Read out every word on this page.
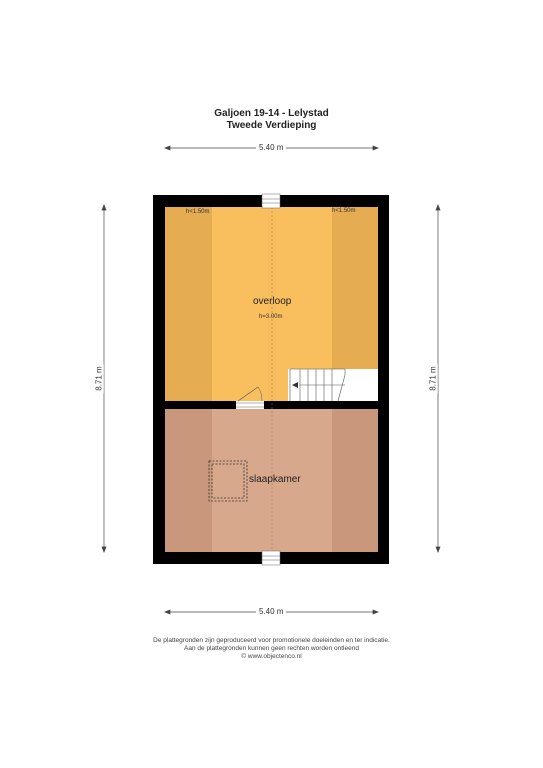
Galjoen 19-14 - Lelystad
Tweede Verdieping
5.40 m
5.40 m
8.71 m	8.71 m
h<1.50m	h<1.50m
overloop
h=3.00m
slaapkamer
De plattegronden zijn geproduceerd voor promotionele doeleinden en ter indicatie.
Aan de plattegronden kunnen geen rechten worden ontleend
© www.objectenco.nl
